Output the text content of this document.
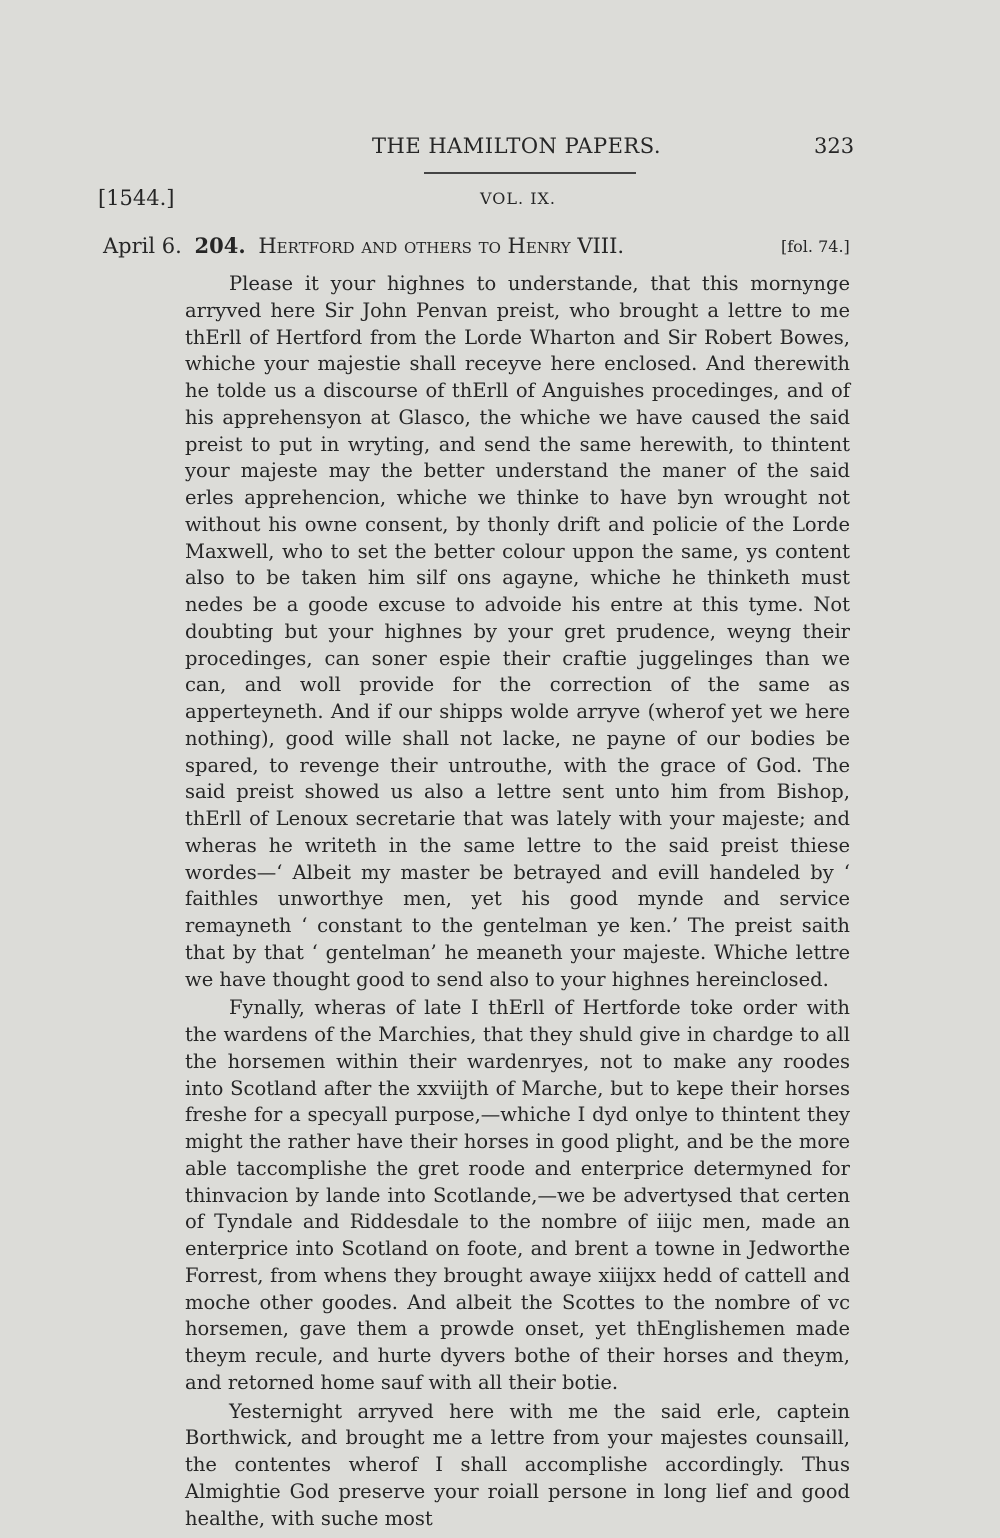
THE HAMILTON PAPERS.	323
[1544.]	VOL. IX.
April 6. 204. Hertford and others to Henry VIII.	[fol. 74.]

Please it your highnes to understande, that this mornynge arryved here Sir John Penvan preist, who brought a lettre to me thErll of Hertford from the Lorde Wharton and Sir Robert Bowes, whiche your majestie shall receyve here enclosed. And therewith he tolde us a discourse of thErll of Anguishes procedinges, and of his apprehensyon at Glasco, the whiche we have caused the said preist to put in wryting, and send the same herewith, to thintent your majeste may the better understand the maner of the said erles apprehencion, whiche we thinke to have byn wrought not without his owne consent, by thonly drift and policie of the Lorde Maxwell, who to set the better colour uppon the same, ys content also to be taken him silf ons agayne, whiche he thinketh must nedes be a goode excuse to advoide his entre at this tyme. Not doubting but your highnes by your gret prudence, weyng their procedinges, can soner espie their craftie juggelinges than we can, and woll provide for the correction of the same as apperteyneth. And if our shipps wolde arryve (wherof yet we here nothing), good wille shall not lacke, ne payne of our bodies be spared, to revenge their untrouthe, with the grace of God. The said preist showed us also a lettre sent unto him from Bishop, thErll of Lenoux secretarie that was lately with your majeste; and wheras he writeth in the same lettre to the said preist thiese wordes—‘ Albeit my master be betrayed and evill handeled by ‘ faithles unworthye men, yet his good mynde and service remayneth ‘ constant to the gentelman ye ken.’ The preist saith that by that ‘ gentelman’ he meaneth your majeste. Whiche lettre we have thought good to send also to your highnes hereinclosed.

Fynally, wheras of late I thErll of Hertforde toke order with the wardens of the Marchies, that they shuld give in chardge to all the horsemen within their wardenryes, not to make any roodes into Scotland after the xxviijth of Marche, but to kepe their horses freshe for a specyall purpose,—whiche I dyd onlye to thintent they might the rather have their horses in good plight, and be the more able taccomplishe the gret roode and enterprice determyned for thinvacion by lande into Scotlande,—we be advertysed that certen of Tyndale and Riddesdale to the nombre of iiijc men, made an enterprice into Scotland on foote, and brent a towne in Jedworthe Forrest, from whens they brought awaye xiiijxx hedd of cattell and moche other goodes. And albeit the Scottes to the nombre of vc horsemen, gave them a prowde onset, yet thEnglishemen made theym recule, and hurte dyvers bothe of their horses and theym, and retorned home sauf with all their botie.

Yesternight arryved here with me the said erle, captein Borthwick, and brought me a lettre from your majestes counsaill, the contentes wherof I shall accomplishe accordingly. Thus Almightie God preserve your roiall persone in long lief and good healthe, with suche most
